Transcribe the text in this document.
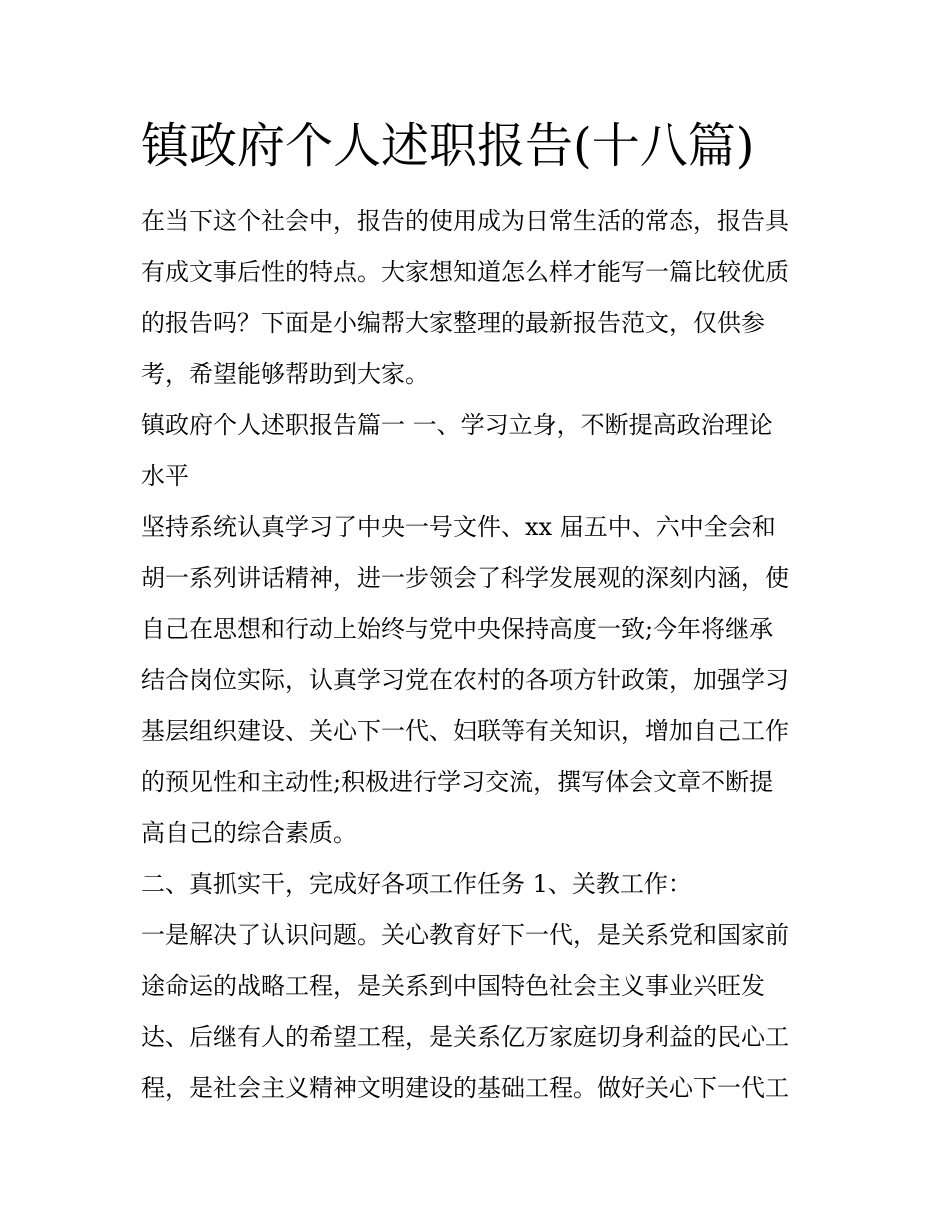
镇政府个人述职报告(十八篇)
在当下这个社会中，报告的使用成为日常生活的常态，报告具
有成文事后性的特点。大家想知道怎么样才能写一篇比较优质
的报告吗？下面是小编帮大家整理的最新报告范文，仅供参
考，希望能够帮助到大家。
镇政府个人述职报告篇一 一、学习立身，不断提高政治理论
水平
坚持系统认真学习了中央一号文件、xx 届五中、六中全会和
胡一系列讲话精神，进一步领会了科学发展观的深刻内涵，使
自己在思想和行动上始终与党中央保持高度一致;今年将继承
结合岗位实际，认真学习党在农村的各项方针政策，加强学习
基层组织建设、关心下一代、妇联等有关知识，增加自己工作
的预见性和主动性;积极进行学习交流，撰写体会文章不断提
高自己的综合素质。
二、真抓实干，完成好各项工作任务 1、关教工作：
一是解决了认识问题。关心教育好下一代，是关系党和国家前
途命运的战略工程，是关系到中国特色社会主义事业兴旺发
达、后继有人的希望工程，是关系亿万家庭切身利益的民心工
程，是社会主义精神文明建设的基础工程。做好关心下一代工
